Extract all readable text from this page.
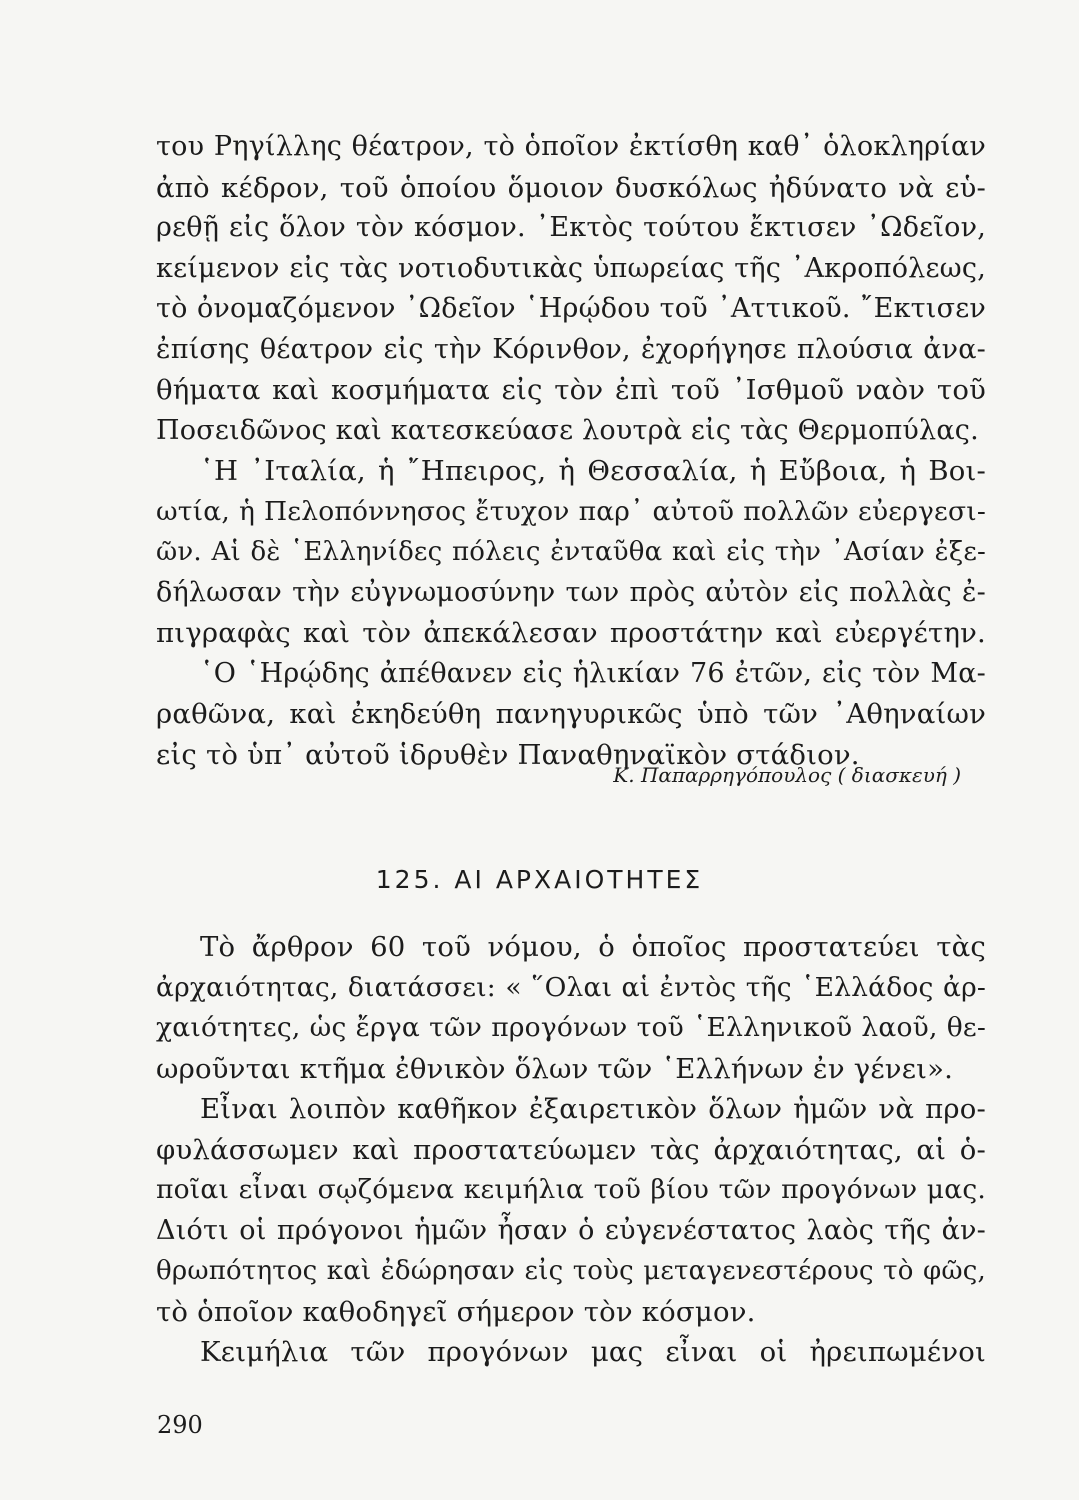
του Ρηγίλλης θέατρον, τὸ ὁποῖον ἐκτίσθη καθ᾿ ὁλοκληρίαν
ἀπὸ κέδρον, τοῦ ὁποίου ὅμοιον δυσκόλως ἠδύνατο νὰ εὑ-
ρεθῇ εἰς ὅλον τὸν κόσμον. ᾿Εκτὸς τούτου ἔκτισεν ᾿Ωδεῖον,
κείμενον εἰς τὰς νοτιοδυτικὰς ὑπωρείας τῆς ᾿Ακροπόλεως,
τὸ ὀνομαζόμενον ᾿Ωδεῖον ῾Ηρῴδου τοῦ ᾿Αττικοῦ. ῎Εκτισεν
ἐπίσης θέατρον εἰς τὴν Κόρινθον, ἐχορήγησε πλούσια ἀνα-
θήματα καὶ κοσμήματα εἰς τὸν ἐπὶ τοῦ ᾿Ισθμοῦ ναὸν τοῦ
Ποσειδῶνος καὶ κατεσκεύασε λουτρὰ εἰς τὰς Θερμοπύλας.
῾Η ᾿Ιταλία, ἡ ῎Ηπειρος, ἡ Θεσσαλία, ἡ Εὔβοια, ἡ Βοι-
ωτία, ἡ Πελοπόννησος ἔτυχον παρ᾿ αὐτοῦ πολλῶν εὐεργεσι-
ῶν. Αἱ δὲ ῾Ελληνίδες πόλεις ἐνταῦθα καὶ εἰς τὴν ᾿Ασίαν ἐξε-
δήλωσαν τὴν εὐγνωμοσύνην των πρὸς αὐτὸν εἰς πολλὰς ἐ-
πιγραφὰς καὶ τὸν ἀπεκάλεσαν προστάτην καὶ εὐεργέτην.
῾Ο ῾Ηρῴδης ἀπέθανεν εἰς ἡλικίαν 76 ἐτῶν, εἰς τὸν Μα-
ραθῶνα, καὶ ἐκηδεύθη πανηγυρικῶς ὑπὸ τῶν ᾿Αθηναίων
εἰς τὸ ὑπ᾿ αὐτοῦ ἱδρυθὲν Παναθηναϊκὸν στάδιον.
Κ. Παπαρρηγόπουλος ( διασκευή )
125. ΑΙ ΑΡΧΑΙΟΤΗΤΕΣ
Τὸ ἄρθρον 60 τοῦ νόμου, ὁ ὁποῖος προστατεύει τὰς
ἀρχαιότητας, διατάσσει: « ῞Ολαι αἱ ἐντὸς τῆς ῾Ελλάδος ἀρ-
χαιότητες, ὡς ἔργα τῶν προγόνων τοῦ ῾Ελληνικοῦ λαοῦ, θε-
ωροῦνται κτῆμα ἐθνικὸν ὅλων τῶν ῾Ελλήνων ἐν γένει».
Εἶναι λοιπὸν καθῆκον ἐξαιρετικὸν ὅλων ἡμῶν νὰ προ-
φυλάσσωμεν καὶ προστατεύωμεν τὰς ἀρχαιότητας, αἱ ὁ-
ποῖαι εἶναι σῳζόμενα κειμήλια τοῦ βίου τῶν προγόνων μας.
Διότι οἱ πρόγονοι ἡμῶν ἦσαν ὁ εὐγενέστατος λαὸς τῆς ἀν-
θρωπότητος καὶ ἐδώρησαν εἰς τοὺς μεταγενεστέρους τὸ φῶς,
τὸ ὁποῖον καθοδηγεῖ σήμερον τὸν κόσμον.
Κειμήλια τῶν προγόνων μας εἶναι οἱ ἠρειπωμένοι
290
